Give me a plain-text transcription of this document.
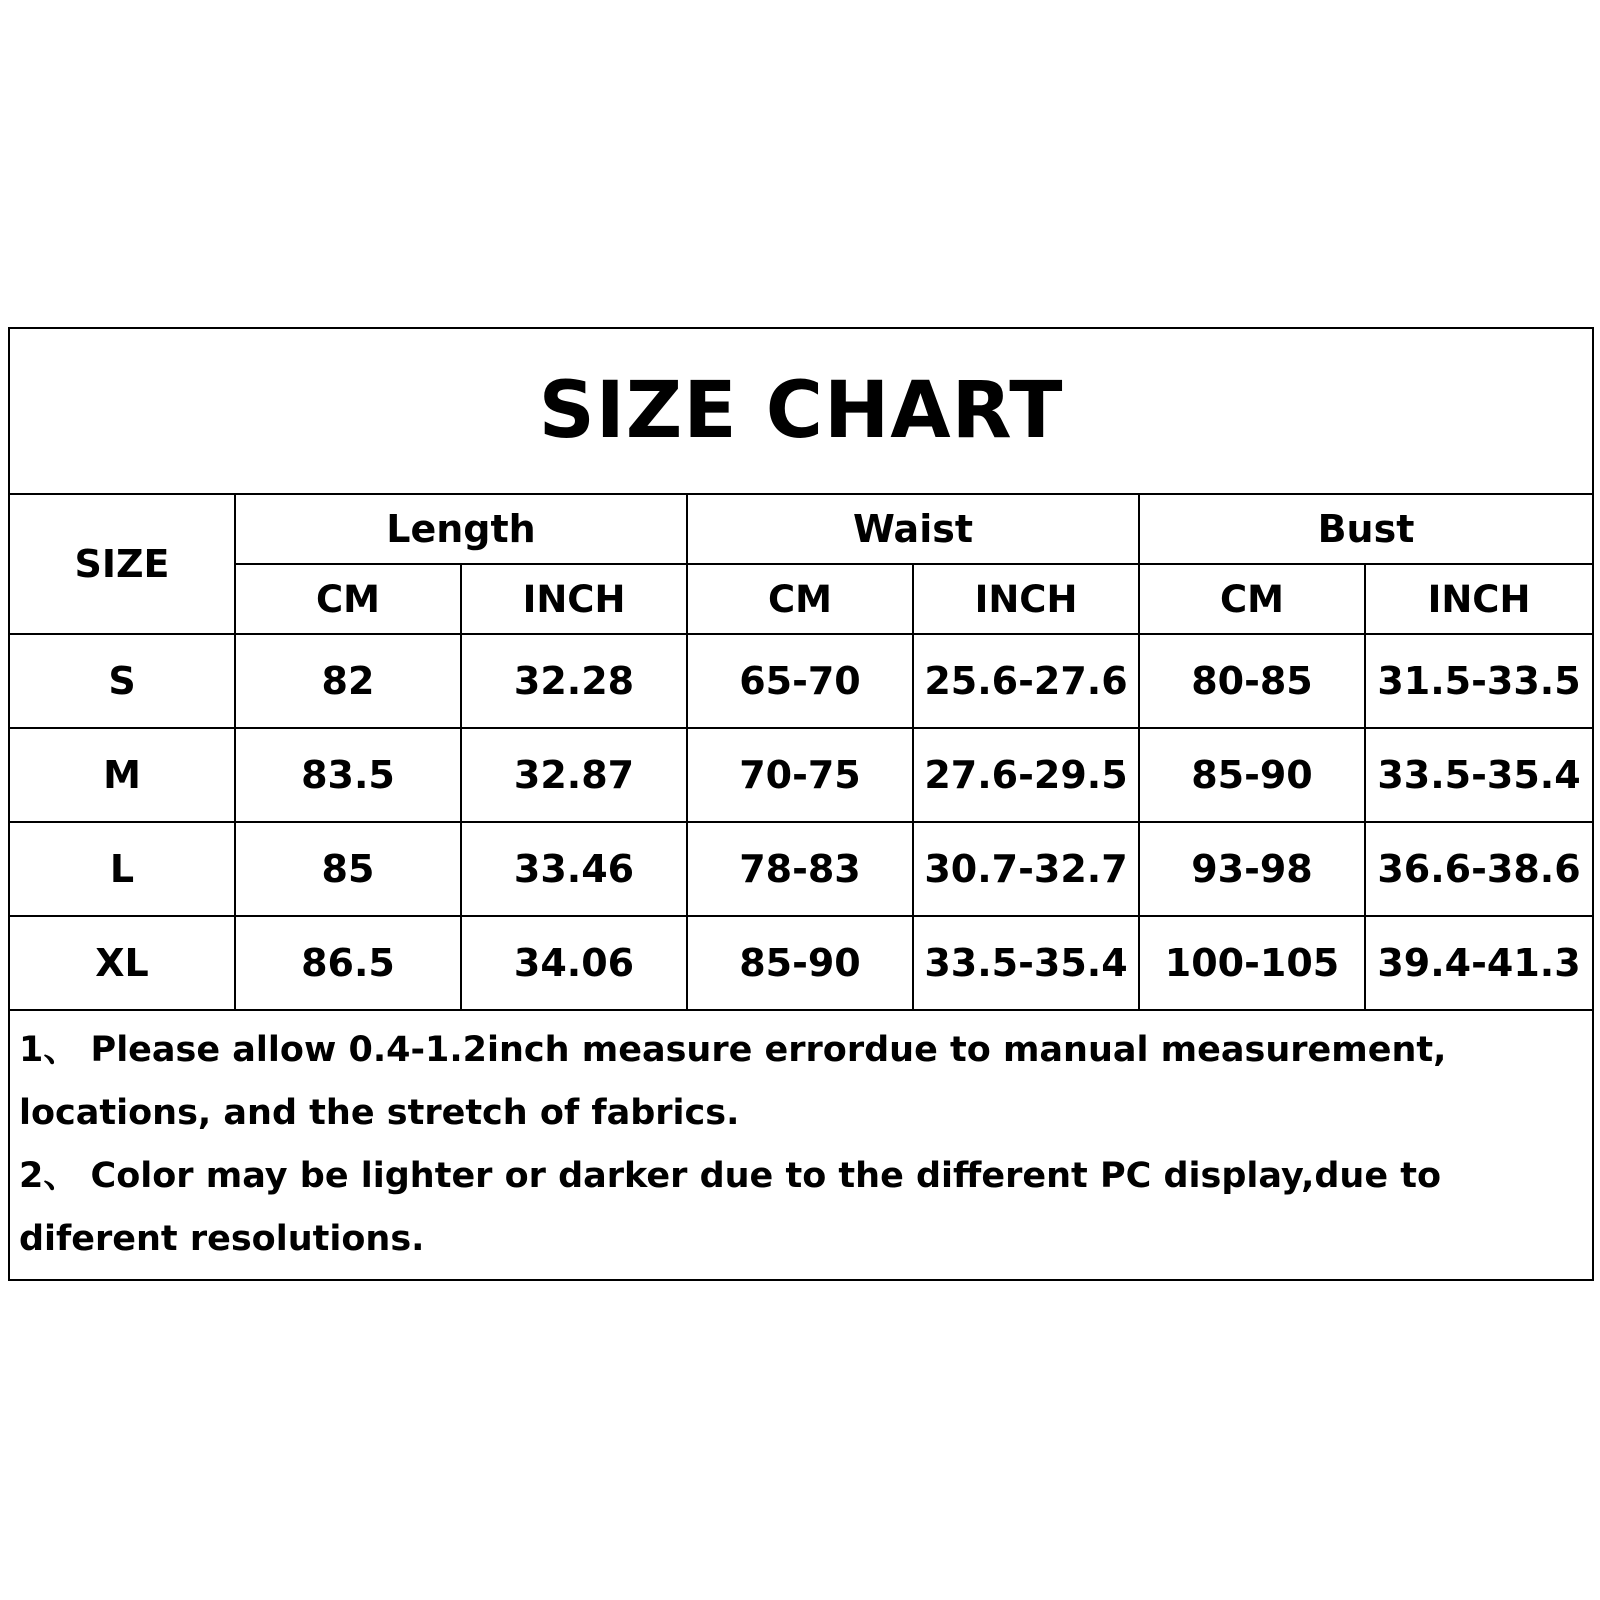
SIZE CHART						
SIZE	Length		Waist		Bust	
	CM	INCH	CM	INCH	CM	INCH
S	82	32.28	65-70	25.6-27.6	80-85	31.5-33.5
M	83.5	32.87	70-75	27.6-29.5	85-90	33.5-35.4
L	85	33.46	78-83	30.7-32.7	93-98	36.6-38.6
XL	86.5	34.06	85-90	33.5-35.4	100-105	39.4-41.3

1、 Please allow 0.4-1.2inch measure errordue to manual measurement, locations, and the stretch of fabrics.
2、 Color may be lighter or darker due to the different PC display,due to diferent resolutions.						
